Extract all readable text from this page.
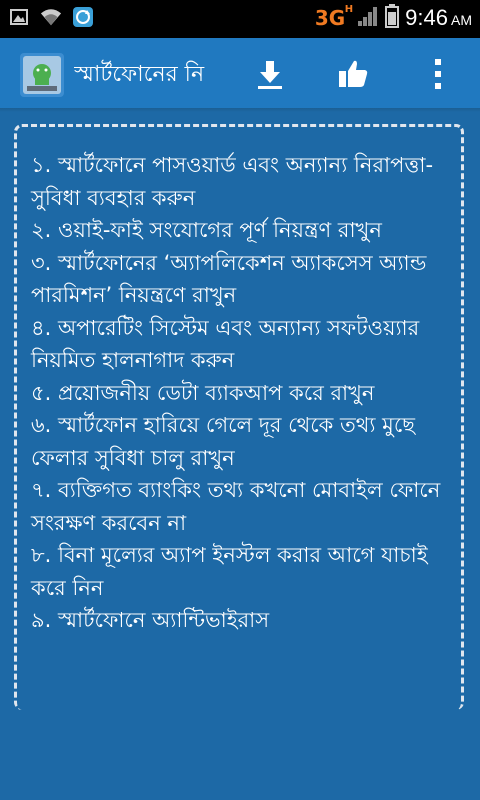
3G H 9:46 AM
স্মার্টফোনের নি
১. স্মার্টফোনে পাসওয়ার্ড এবং অন্যান্য নিরাপত্তা-সুবিধা ব্যবহার করুন
২. ওয়াই-ফাই সংযোগের পূর্ণ নিয়ন্ত্রণ রাখুন
৩. স্মার্টফোনের ‘অ্যাপলিকেশন অ্যাকসেস অ্যান্ড পারমিশন’ নিয়ন্ত্রণে রাখুন
৪. অপারেটিং সিস্টেম এবং অন্যান্য সফটওয়্যার নিয়মিত হালনাগাদ করুন
৫. প্রয়োজনীয় ডেটা ব্যাকআপ করে রাখুন
৬. স্মার্টফোন হারিয়ে গেলে দূর থেকে তথ্য মুছে ফেলার সুবিধা চালু রাখুন
৭. ব্যক্তিগত ব্যাংকিং তথ্য কখনো মোবাইল ফোনে সংরক্ষণ করবেন না
৮. বিনা মূল্যের অ্যাপ ইনস্টল করার আগে যাচাই করে নিন
৯. স্মার্টফোনে অ্যান্টিভাইরাস
